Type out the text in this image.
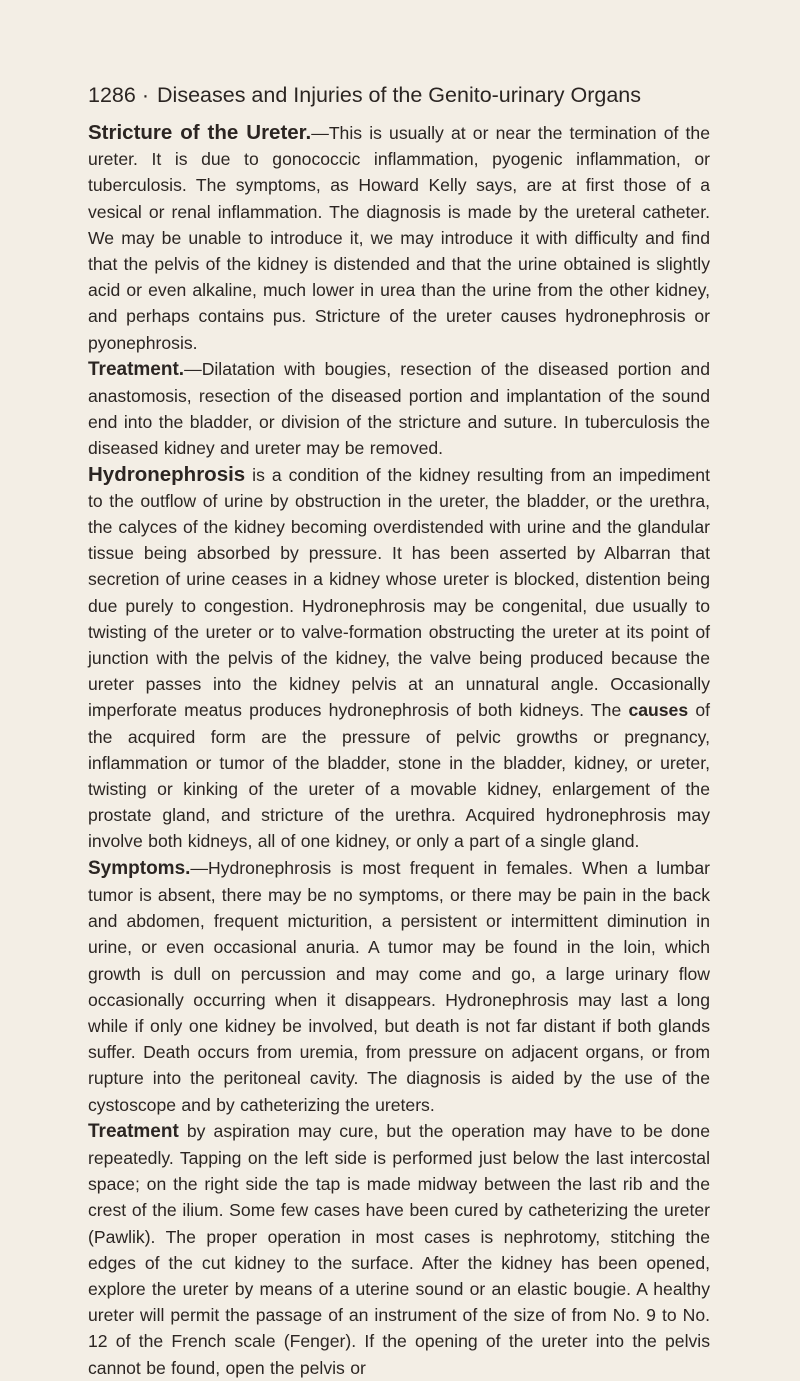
1286 · Diseases and Injuries of the Genito-urinary Organs

Stricture of the Ureter.—This is usually at or near the termination of the ureter. It is due to gonococcic inflammation, pyogenic inflammation, or tuberculosis. The symptoms, as Howard Kelly says, are at first those of a vesical or renal inflammation. The diagnosis is made by the ureteral catheter. We may be unable to introduce it, we may introduce it with difficulty and find that the pelvis of the kidney is distended and that the urine obtained is slightly acid or even alkaline, much lower in urea than the urine from the other kidney, and perhaps contains pus. Stricture of the ureter causes hydronephrosis or pyonephrosis.

Treatment.—Dilatation with bougies, resection of the diseased portion and anastomosis, resection of the diseased portion and implantation of the sound end into the bladder, or division of the stricture and suture. In tuberculosis the diseased kidney and ureter may be removed.

Hydronephrosis is a condition of the kidney resulting from an impediment to the outflow of urine by obstruction in the ureter, the bladder, or the urethra, the calyces of the kidney becoming overdistended with urine and the glandular tissue being absorbed by pressure. It has been asserted by Albarran that secretion of urine ceases in a kidney whose ureter is blocked, distention being due purely to congestion. Hydronephrosis may be congenital, due usually to twisting of the ureter or to valve-formation obstructing the ureter at its point of junction with the pelvis of the kidney, the valve being produced because the ureter passes into the kidney pelvis at an unnatural angle. Occasionally imperforate meatus produces hydronephrosis of both kidneys. The causes of the acquired form are the pressure of pelvic growths or pregnancy, inflammation or tumor of the bladder, stone in the bladder, kidney, or ureter, twisting or kinking of the ureter of a movable kidney, enlargement of the prostate gland, and stricture of the urethra. Acquired hydronephrosis may involve both kidneys, all of one kidney, or only a part of a single gland.

Symptoms.—Hydronephrosis is most frequent in females. When a lumbar tumor is absent, there may be no symptoms, or there may be pain in the back and abdomen, frequent micturition, a persistent or intermittent diminution in urine, or even occasional anuria. A tumor may be found in the loin, which growth is dull on percussion and may come and go, a large urinary flow occasionally occurring when it disappears. Hydronephrosis may last a long while if only one kidney be involved, but death is not far distant if both glands suffer. Death occurs from uremia, from pressure on adjacent organs, or from rupture into the peritoneal cavity. The diagnosis is aided by the use of the cystoscope and by catheterizing the ureters.

Treatment by aspiration may cure, but the operation may have to be done repeatedly. Tapping on the left side is performed just below the last intercostal space; on the right side the tap is made midway between the last rib and the crest of the ilium. Some few cases have been cured by catheterizing the ureter (Pawlik). The proper operation in most cases is nephrotomy, stitching the edges of the cut kidney to the surface. After the kidney has been opened, explore the ureter by means of a uterine sound or an elastic bougie. A healthy ureter will permit the passage of an instrument of the size of from No. 9 to No. 12 of the French scale (Fenger). If the opening of the ureter into the pelvis cannot be found, open the pelvis or
